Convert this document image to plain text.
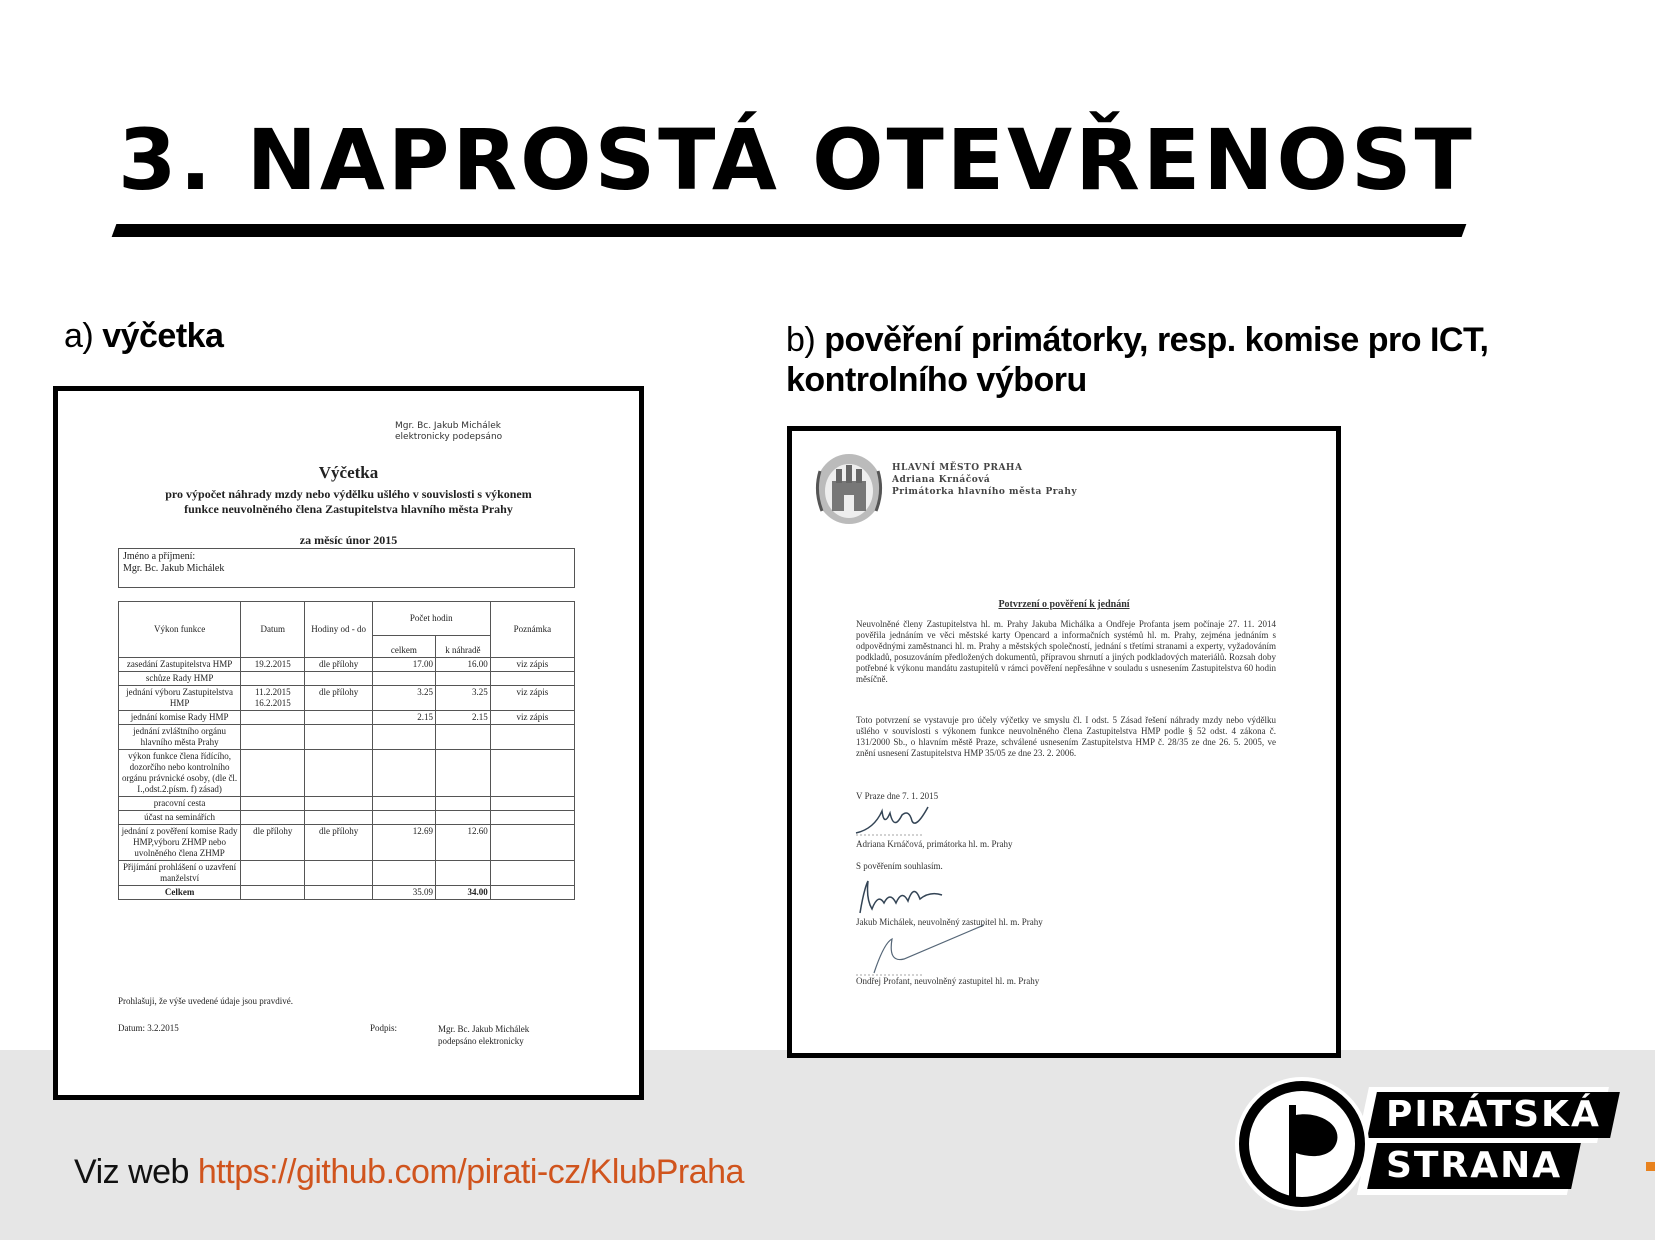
3. NAPROSTÁ OTEVŘENOST
a) výčetka	b) pověření primátorky, resp. komise pro ICT, kontrolního výboru
Mgr. Bc. Jakub Michálek
elektronicky podepsáno
Výčetka
pro výpočet náhrady mzdy nebo výdělku ušlého v souvislosti s výkonem funkce neuvolněného člena Zastupitelstva hlavního města Prahy
za měsíc únor 2015
Jméno a příjmení:
Mgr. Bc. Jakub Michálek
Výkon funkce	Datum	Hodiny od - do	Počet hodin		Poznámka
			celkem	k náhradě	
zasedání Zastupitelstva HMP	19.2.2015	dle přílohy	17.00	16.00	viz zápis
schůze Rady HMP					
jednání výboru Zastupitelstva HMP	11.2.2015 16.2.2015	dle přílohy	3.25	3.25	viz zápis
jednání komise Rady HMP			2.15	2.15	viz zápis
jednání zvláštního orgánu hlavního města Prahy					
výkon funkce člena řídícího, dozorčího nebo kontrolního orgánu právnické osoby, (dle čl. I.,odst.2.písm. f) zásad)					
pracovní cesta					
účast na seminářích					
jednání z pověření komise Rady HMP,výboru ZHMP nebo uvolněného člena ZHMP	dle přílohy	dle přílohy	12.69	12.60	
Přijímání prohlášení o uzavření manželství					
Celkem			35.09	34.00	
Prohlašuji, že výše uvedené údaje jsou pravdivé.
Datum: 3.2.2015	Podpis:	Mgr. Bc. Jakub Michálek
podepsáno elektronicky
HLAVNÍ MĚSTO PRAHA
Adriana Krnáčová
Primátorka hlavního města Prahy
Potvrzení o pověření k jednání
Neuvolněné členy Zastupitelstva hl. m. Prahy Jakuba Michálka a Ondřeje Profanta jsem počínaje 27. 11. 2014 pověřila jednáním ve věci městské karty Opencard a informačních systémů hl. m. Prahy, zejména jednáním s odpovědnými zaměstnanci hl. m. Prahy a městských společností, jednání s třetími stranami a experty, vyžadováním podkladů, posuzováním předložených dokumentů, přípravou shrnutí a jiných podkladových materiálů. Rozsah doby potřebné k výkonu mandátu zastupitelů v rámci pověření nepřesáhne v souladu s usnesením Zastupitelstva 60 hodin měsíčně.
Toto potvrzení se vystavuje pro účely výčetky ve smyslu čl. I odst. 5 Zásad řešení náhrady mzdy nebo výdělku ušlého v souvislosti s výkonem funkce neuvolněného člena Zastupitelstva HMP podle § 52 odst. 4 zákona č. 131/2000 Sb., o hlavním městě Praze, schválené usnesením Zastupitelstva HMP č. 28/35 ze dne 26. 5. 2005, ve znění usnesení Zastupitelstva HMP 35/05 ze dne 23. 2. 2006.
V Praze dne 7. 1. 2015
Adriana Krnáčová, primátorka hl. m. Prahy
S pověřením souhlasím.
Jakub Michálek, neuvolněný zastupitel hl. m. Prahy
Ondřej Profant, neuvolněný zastupitel hl. m. Prahy
Viz web https://github.com/pirati-cz/KlubPraha
PIRÁTSKÁ
STRANA
